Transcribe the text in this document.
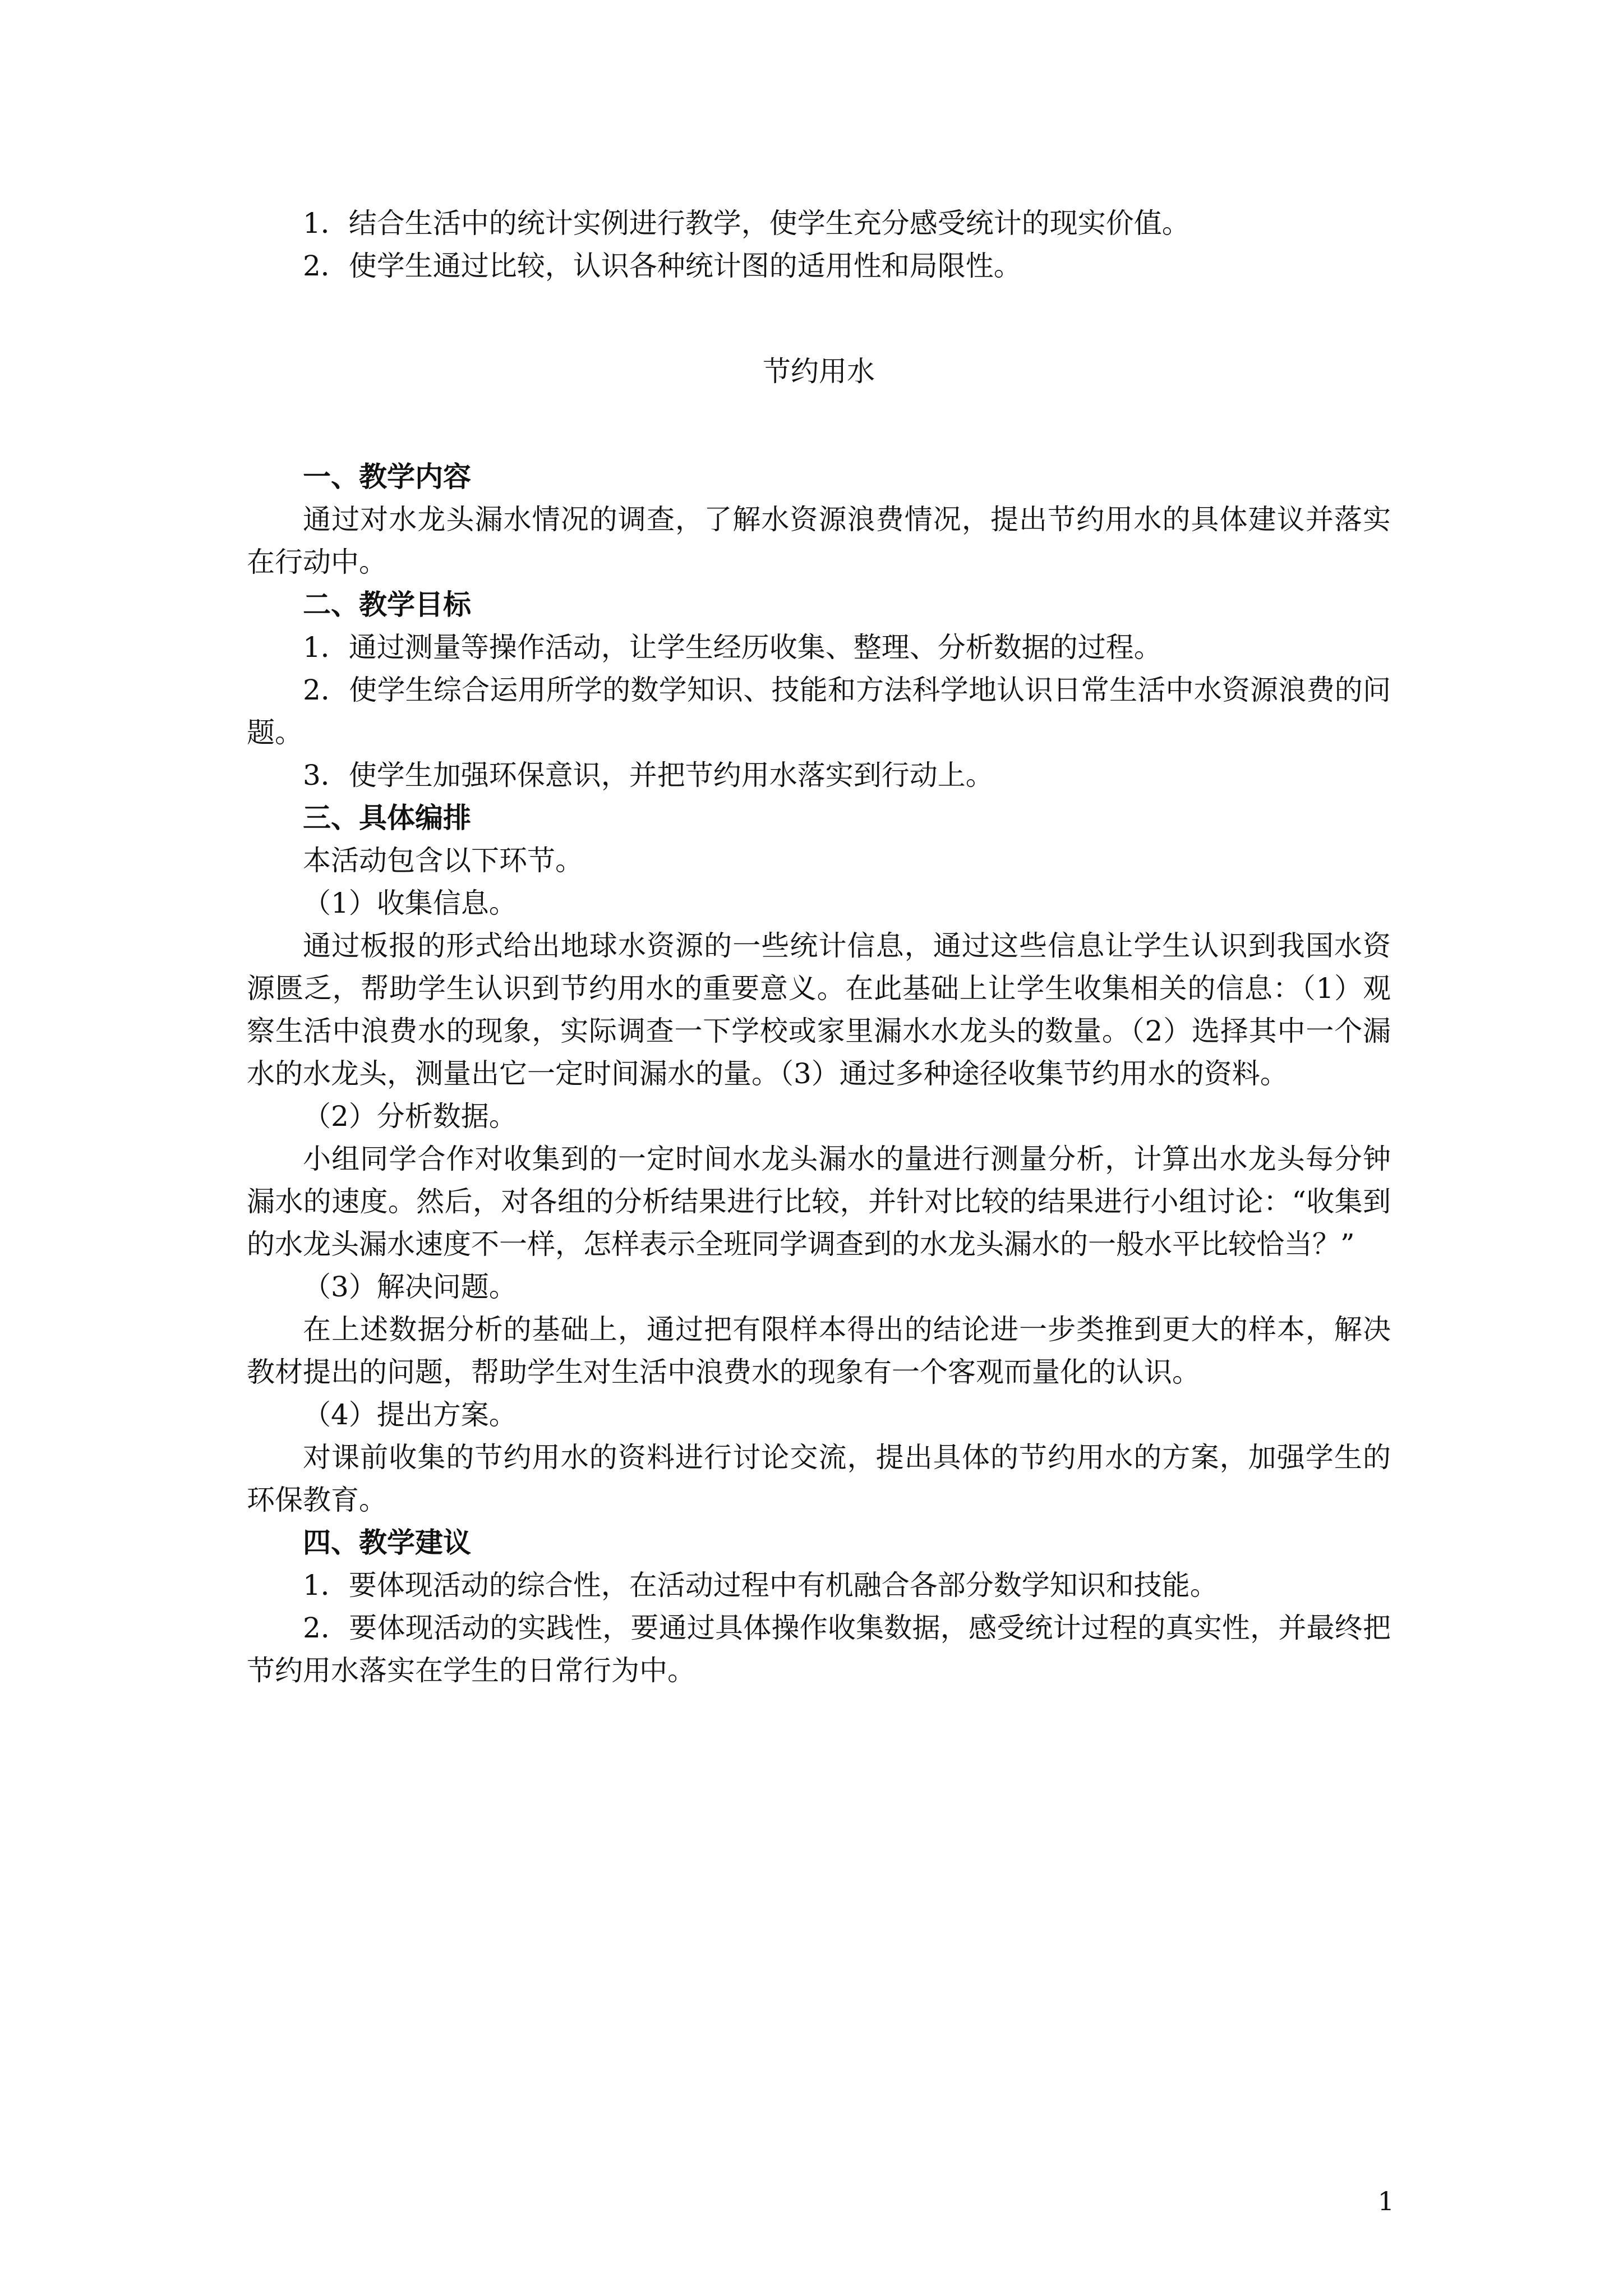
1．结合生活中的统计实例进行教学，使学生充分感受统计的现实价值。

2．使学生通过比较，认识各种统计图的适用性和局限性。

节约用水

一、教学内容

通过对水龙头漏水情况的调查，了解水资源浪费情况，提出节约用水的具体建议并落实在行动中。

二、教学目标

1．通过测量等操作活动，让学生经历收集、整理、分析数据的过程。

2．使学生综合运用所学的数学知识、技能和方法科学地认识日常生活中水资源浪费的问题。

3．使学生加强环保意识，并把节约用水落实到行动上。

三、具体编排

本活动包含以下环节。

（1）收集信息。

通过板报的形式给出地球水资源的一些统计信息，通过这些信息让学生认识到我国水资源匮乏，帮助学生认识到节约用水的重要意义。在此基础上让学生收集相关的信息：（1）观察生活中浪费水的现象，实际调查一下学校或家里漏水水龙头的数量。（2）选择其中一个漏水的水龙头，测量出它一定时间漏水的量。（3）通过多种途径收集节约用水的资料。

（2）分析数据。

小组同学合作对收集到的一定时间水龙头漏水的量进行测量分析，计算出水龙头每分钟漏水的速度。然后，对各组的分析结果进行比较，并针对比较的结果进行小组讨论：“收集到的水龙头漏水速度不一样，怎样表示全班同学调查到的水龙头漏水的一般水平比较恰当？”

（3）解决问题。

在上述数据分析的基础上，通过把有限样本得出的结论进一步类推到更大的样本，解决教材提出的问题，帮助学生对生活中浪费水的现象有一个客观而量化的认识。

（4）提出方案。

对课前收集的节约用水的资料进行讨论交流，提出具体的节约用水的方案，加强学生的环保教育。

四、教学建议

1．要体现活动的综合性，在活动过程中有机融合各部分数学知识和技能。

2．要体现活动的实践性，要通过具体操作收集数据，感受统计过程的真实性，并最终把节约用水落实在学生的日常行为中。

1
